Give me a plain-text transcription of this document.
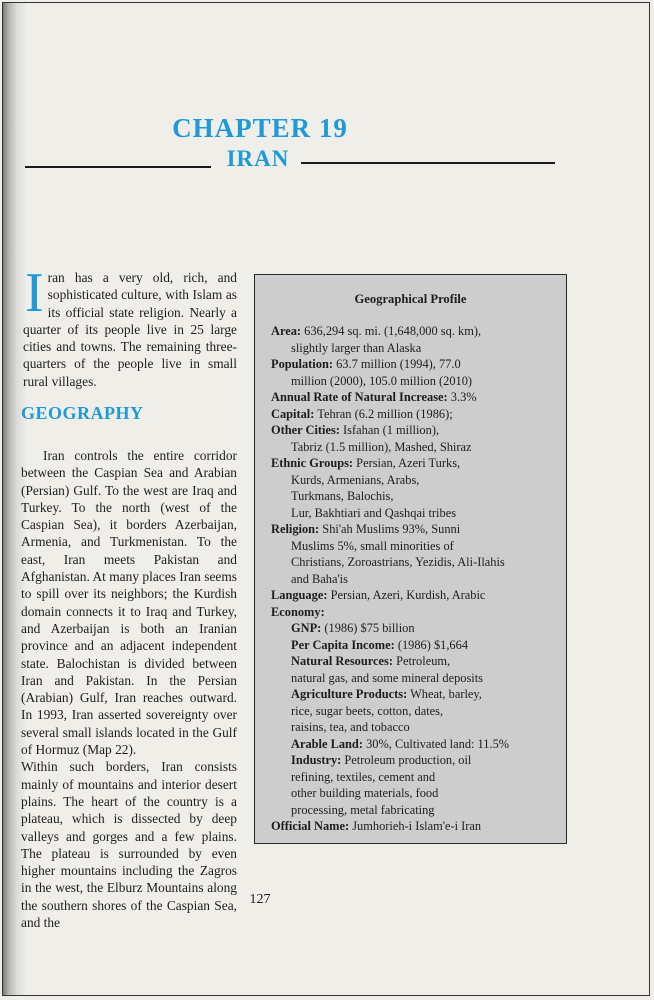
CHAPTER 19
IRAN
I ran has a very old, rich, and sophisticated culture, with Islam as its official state religion. Nearly a quarter of its people live in 25 large cities and towns. The remaining three-quarters of the people live in small rural villages.
GEOGRAPHY

Iran controls the entire corridor between the Caspian Sea and Arabian (Persian) Gulf. To the west are Iraq and Turkey. To the north (west of the Caspian Sea), it borders Azerbaijan, Armenia, and Turkmenistan. To the east, Iran meets Pakistan and Afghanistan. At many places Iran seems to spill over its neighbors; the Kurdish domain connects it to Iraq and Turkey, and Azerbaijan is both an Iranian province and an adjacent independent state. Balochistan is divided between Iran and Pakistan. In the Persian (Arabian) Gulf, Iran reaches outward. In 1993, Iran asserted sovereignty over several small islands located in the Gulf of Hormuz (Map 22).

Within such borders, Iran consists mainly of mountains and interior desert plains. The heart of the country is a plateau, which is dissected by deep valleys and gorges and a few plains. The plateau is surrounded by even higher mountains including the Zagros in the west, the Elburz Mountains along the southern shores of the Caspian Sea, and the

Geographical Profile
Area: 636,294 sq. mi. (1,648,000 sq. km),
slightly larger than Alaska
Population: 63.7 million (1994), 77.0
million (2000), 105.0 million (2010)
Annual Rate of Natural Increase: 3.3%
Capital: Tehran (6.2 million (1986);
Other Cities: Isfahan (1 million),
Tabriz (1.5 million), Mashed, Shiraz
Ethnic Groups: Persian, Azeri Turks,
Kurds, Armenians, Arabs,
Turkmans, Balochis,
Lur, Bakhtiari and Qashqai tribes
Religion: Shi'ah Muslims 93%, Sunni
Muslims 5%, small minorities of
Christians, Zoroastrians, Yezidis, Ali-Ilahis
and Baha'is
Language: Persian, Azeri, Kurdish, Arabic
Economy:
GNP: (1986) $75 billion
Per Capita Income: (1986) $1,664
Natural Resources: Petroleum,
natural gas, and some mineral deposits
Agriculture Products: Wheat, barley,
rice, sugar beets, cotton, dates,
raisins, tea, and tobacco
Arable Land: 30%, Cultivated land: 11.5%
Industry: Petroleum production, oil
refining, textiles, cement and
other building materials, food
processing, metal fabricating
Official Name: Jumhorieh-i Islam'e-i Iran
127
